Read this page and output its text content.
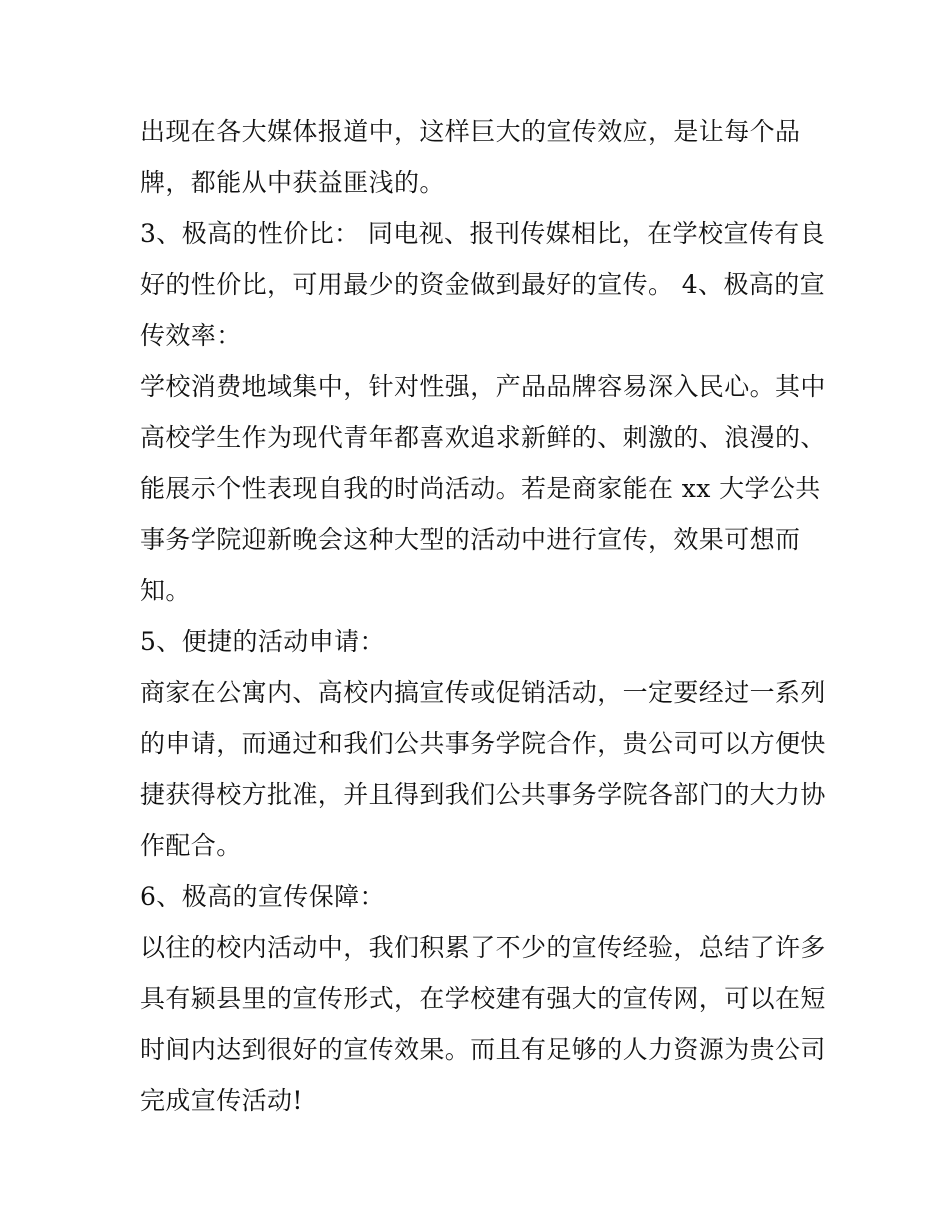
出现在各大媒体报道中，这样巨大的宣传效应，是让每个品
牌，都能从中获益匪浅的。
3、极高的性价比： 同电视、报刊传媒相比，在学校宣传有良
好的性价比，可用最少的资金做到最好的宣传。 4、极高的宣
传效率：
学校消费地域集中，针对性强，产品品牌容易深入民心。其中
高校学生作为现代青年都喜欢追求新鲜的、刺激的、浪漫的、
能展示个性表现自我的时尚活动。若是商家能在 xx 大学公共
事务学院迎新晚会这种大型的活动中进行宣传，效果可想而
知。
5、便捷的活动申请：
商家在公寓内、高校内搞宣传或促销活动，一定要经过一系列
的申请，而通过和我们公共事务学院合作，贵公司可以方便快
捷获得校方批准，并且得到我们公共事务学院各部门的大力协
作配合。
6、极高的宣传保障：
以往的校内活动中，我们积累了不少的宣传经验，总结了许多
具有颍县里的宣传形式，在学校建有强大的宣传网，可以在短
时间内达到很好的宣传效果。而且有足够的人力资源为贵公司
完成宣传活动!
